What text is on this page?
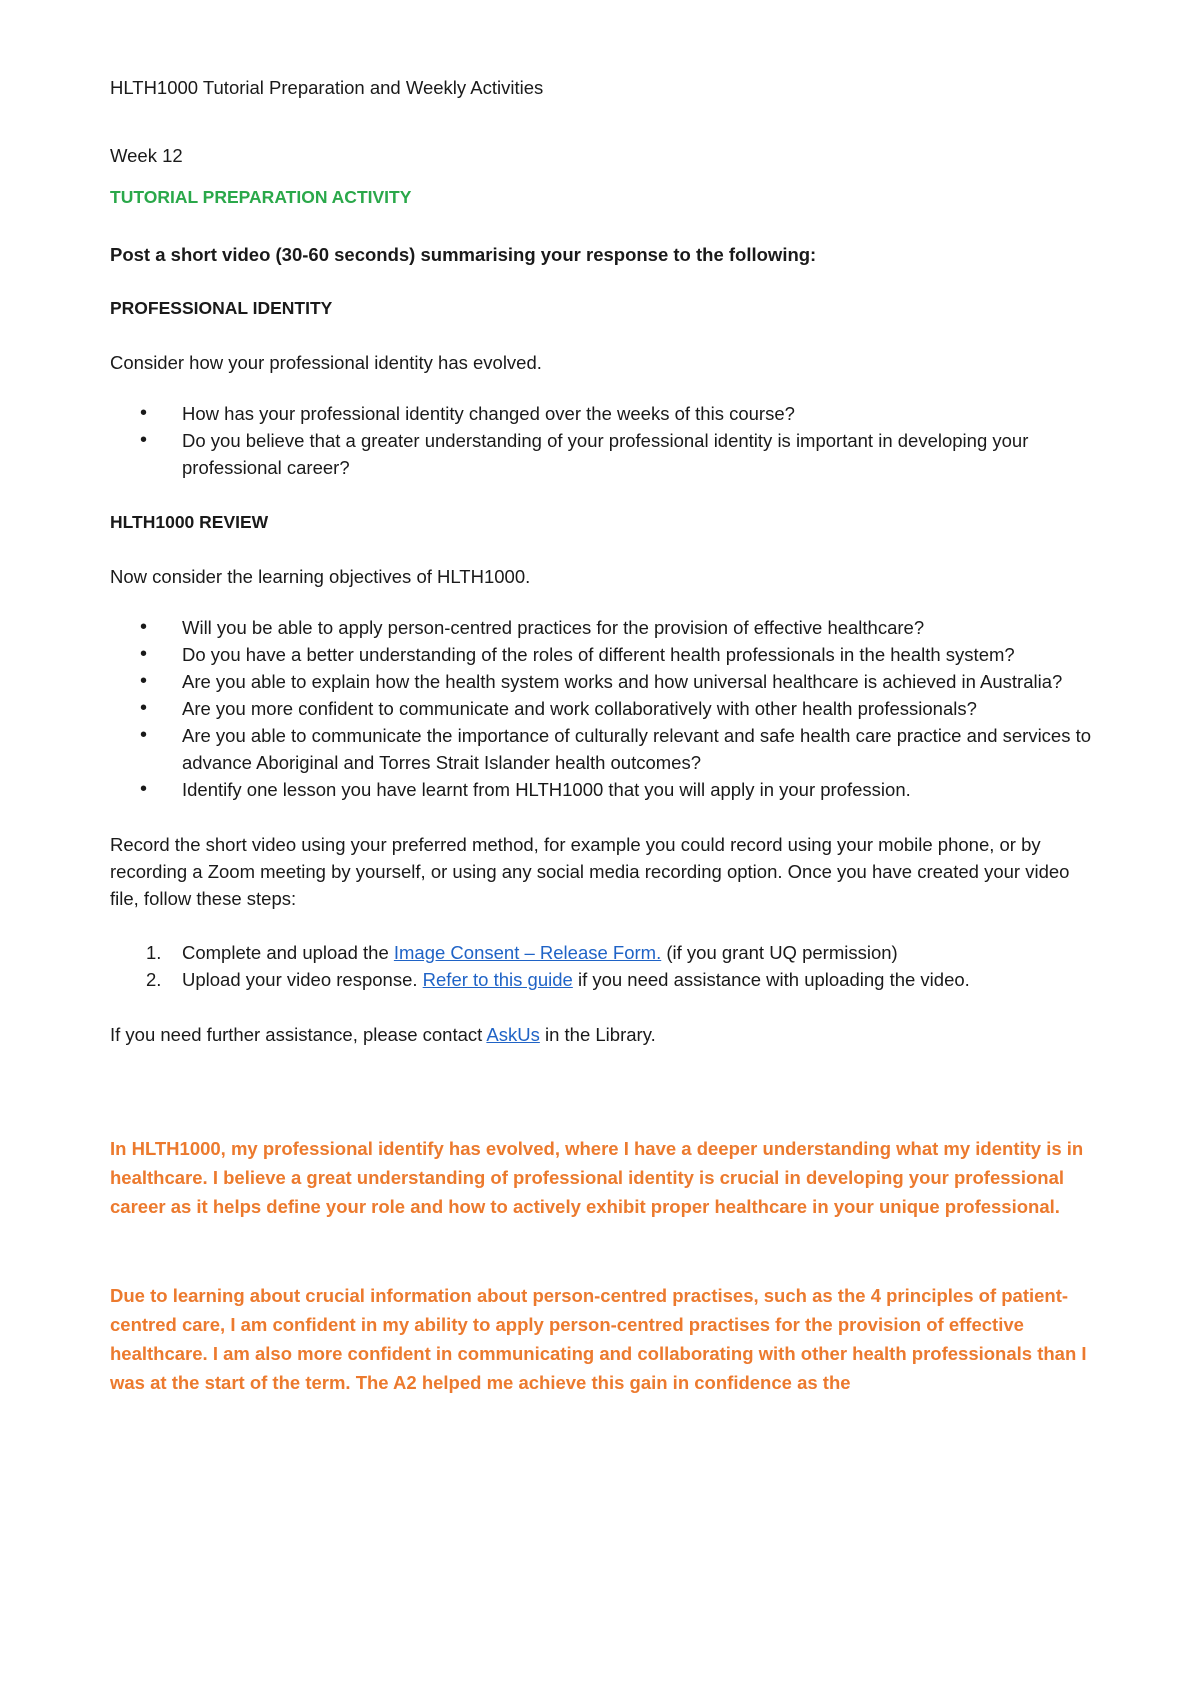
HLTH1000 Tutorial Preparation and Weekly Activities

Week 12

TUTORIAL PREPARATION ACTIVITY

Post a short video (30-60 seconds) summarising your response to the following:

PROFESSIONAL IDENTITY

Consider how your professional identity has evolved.

• How has your professional identity changed over the weeks of this course?
• Do you believe that a greater understanding of your professional identity is important in developing your professional career?

HLTH1000 REVIEW

Now consider the learning objectives of HLTH1000.

• Will you be able to apply person-centred practices for the provision of effective healthcare?
• Do you have a better understanding of the roles of different health professionals in the health system?
• Are you able to explain how the health system works and how universal healthcare is achieved in Australia?
• Are you more confident to communicate and work collaboratively with other health professionals?
• Are you able to communicate the importance of culturally relevant and safe health care practice and services to advance Aboriginal and Torres Strait Islander health outcomes?
• Identify one lesson you have learnt from HLTH1000 that you will apply in your profession.

Record the short video using your preferred method, for example you could record using your mobile phone, or by recording a Zoom meeting by yourself, or using any social media recording option. Once you have created your video file, follow these steps:

1. Complete and upload the Image Consent – Release Form. (if you grant UQ permission)
2. Upload your video response. Refer to this guide if you need assistance with uploading the video.

If you need further assistance, please contact AskUs in the Library.

In HLTH1000, my professional identify has evolved, where I have a deeper understanding what my identity is in healthcare. I believe a great understanding of professional identity is crucial in developing your professional career as it helps define your role and how to actively exhibit proper healthcare in your unique professional.

Due to learning about crucial information about person-centred practises, such as the 4 principles of patient-centred care, I am confident in my ability to apply person-centred practises for the provision of effective healthcare. I am also more confident in communicating and collaborating with other health professionals than I was at the start of the term. The A2 helped me achieve this gain in confidence as the
